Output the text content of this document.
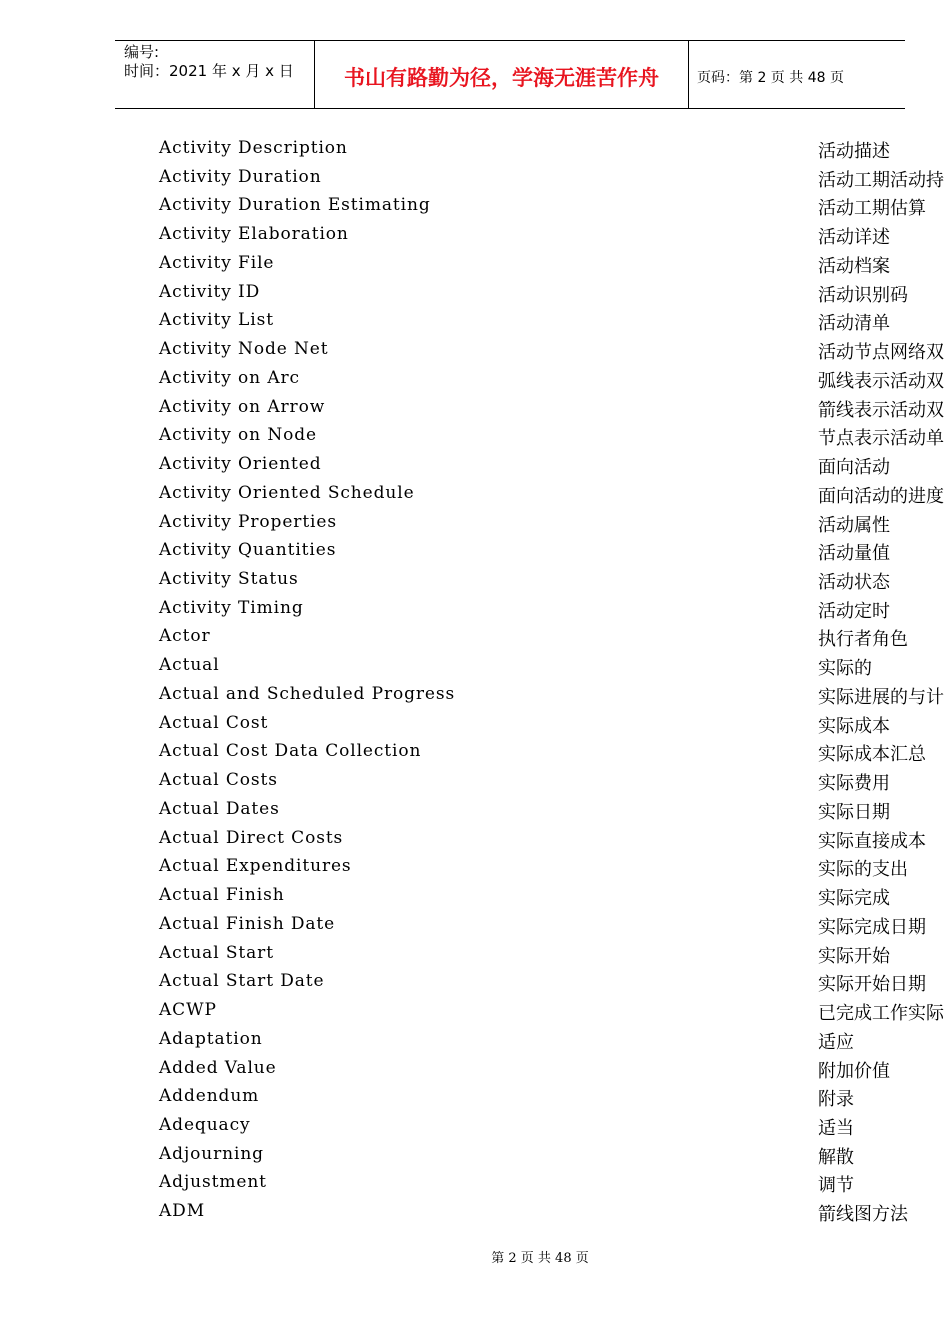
编号:
时间：2021 年 x 月 x 日	书山有路勤为径，学海无涯苦作舟	页码：第 2 页 共 48 页
Activity Description	活动描述
Activity Duration	活动工期活动持
Activity Duration Estimating	活动工期估算
Activity Elaboration	活动详述
Activity File	活动档案
Activity ID	活动识别码
Activity List	活动清单
Activity Node Net	活动节点网络双
Activity on Arc	弧线表示活动双
Activity on Arrow	箭线表示活动双
Activity on Node	节点表示活动单
Activity Oriented	面向活动
Activity Oriented Schedule	面向活动的进度
Activity Properties	活动属性
Activity Quantities	活动量值
Activity Status	活动状态
Activity Timing	活动定时
Actor	执行者角色
Actual	实际的
Actual and Scheduled Progress	实际进展的与计
Actual Cost	实际成本
Actual Cost Data Collection	实际成本汇总
Actual Costs	实际费用
Actual Dates	实际日期
Actual Direct Costs	实际直接成本
Actual Expenditures	实际的支出
Actual Finish	实际完成
Actual Finish Date	实际完成日期
Actual Start	实际开始
Actual Start Date	实际开始日期
ACWP	已完成工作实际
Adaptation	适应
Added Value	附加价值
Addendum	附录
Adequacy	适当
Adjourning	解散
Adjustment	调节
ADM	箭线图方法
第 2 页 共 48 页
